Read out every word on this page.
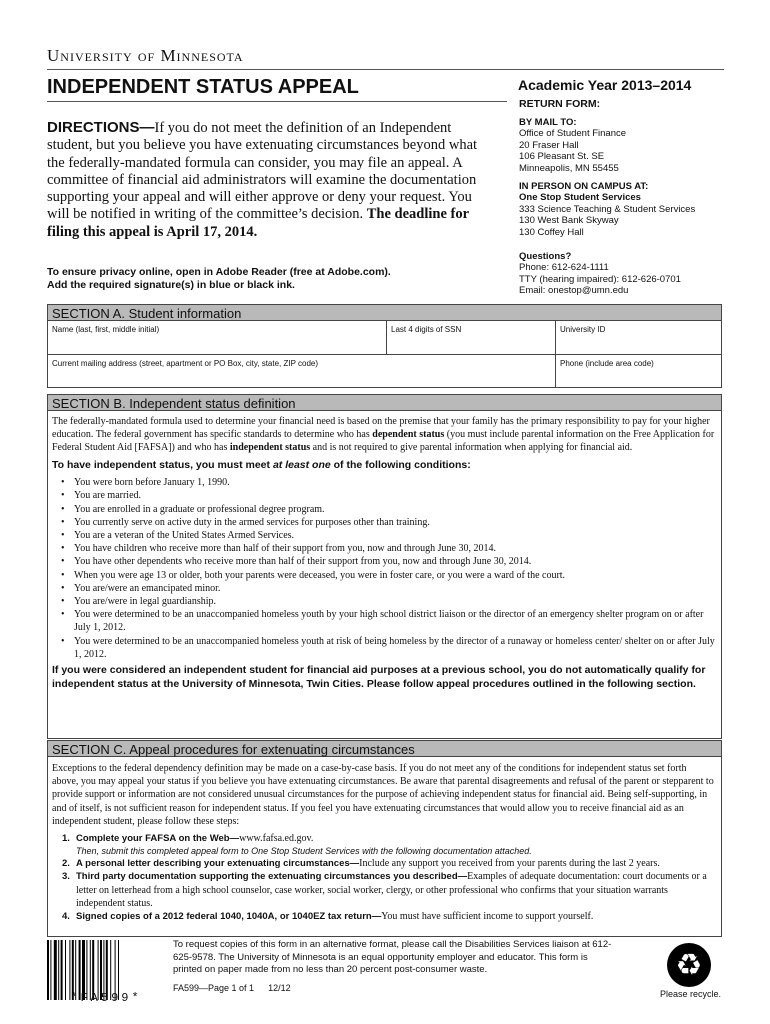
University of Minnesota
INDEPENDENT STATUS APPEAL	Academic Year 2013–2014
DIRECTIONS—If you do not meet the definition of an Independent student, but you believe you have extenuating circumstances beyond what the federally-mandated formula can consider, you may file an appeal. A committee of financial aid administrators will examine the documentation supporting your appeal and will either approve or deny your request. You will be notified in writing of the committee’s decision. The deadline for filing this appeal is April 17, 2014.
To ensure privacy online, open in Adobe Reader (free at Adobe.com).
Add the required signature(s) in blue or black ink.
RETURN FORM:
BY MAIL TO:
Office of Student Finance
20 Fraser Hall
106 Pleasant St. SE
Minneapolis, MN 55455
IN PERSON ON CAMPUS AT:
One Stop Student Services
333 Science Teaching & Student Services
130 West Bank Skyway
130 Coffey Hall
Questions?
Phone: 612-624-1111
TTY (hearing impaired): 612-626-0701
Email: onestop@umn.edu
SECTION A. Student information
Name (last, first, middle initial)	Last 4 digits of SSN	University ID
Current mailing address (street, apartment or PO Box, city, state, ZIP code)	Phone (include area code)
SECTION B. Independent status definition
The federally-mandated formula used to determine your financial need is based on the premise that your family has the primary responsibility to pay for your higher education. The federal government has specific standards to determine who has dependent status (you must include parental information on the Free Application for Federal Student Aid [FAFSA]) and who has independent status and is not required to give parental information when applying for financial aid.
To have independent status, you must meet at least one of the following conditions:
• You were born before January 1, 1990.
• You are married.
• You are enrolled in a graduate or professional degree program.
• You currently serve on active duty in the armed services for purposes other than training.
• You are a veteran of the United States Armed Services.
• You have children who receive more than half of their support from you, now and through June 30, 2014.
• You have other dependents who receive more than half of their support from you, now and through June 30, 2014.
• When you were age 13 or older, both your parents were deceased, you were in foster care, or you were a ward of the court.
• You are/were an emancipated minor.
• You are/were in legal guardianship.
• You were determined to be an unaccompanied homeless youth by your high school district liaison or the director of an emergency shelter program on or after July 1, 2012.
• You were determined to be an unaccompanied homeless youth at risk of being homeless by the director of a runaway or homeless center/ shelter on or after July 1, 2012.
If you were considered an independent student for financial aid purposes at a previous school, you do not automatically qualify for independent status at the University of Minnesota, Twin Cities. Please follow appeal procedures outlined in the following section.
SECTION C. Appeal procedures for extenuating circumstances
Exceptions to the federal dependency definition may be made on a case-by-case basis. If you do not meet any of the conditions for independent status set forth above, you may appeal your status if you believe you have extenuating circumstances. Be aware that parental disagreements and refusal of the parent or stepparent to provide support or information are not considered unusual circumstances for the purpose of achieving independent status for financial aid. Being self-supporting, in and of itself, is not sufficient reason for independent status. If you feel you have extenuating circumstances that would allow you to receive financial aid as an independent student, please follow these steps:
1. Complete your FAFSA on the Web—www.fafsa.ed.gov.
Then, submit this completed appeal form to One Stop Student Services with the following documentation attached.
2. A personal letter describing your extenuating circumstances—Include any support you received from your parents during the last 2 years.
3. Third party documentation supporting the extenuating circumstances you described—Examples of adequate documentation: court documents or a letter on letterhead from a high school counselor, case worker, social worker, clergy, or other professional who confirms that your situation warrants independent status.
4. Signed copies of a 2012 federal 1040, 1040A, or 1040EZ tax return—You must have sufficient income to support yourself.
*FA599*
To request copies of this form in an alternative format, please call the Disabilities Services liaison at 612-625-9578. The University of Minnesota is an equal opportunity employer and educator. This form is printed on paper made from no less than 20 percent post-consumer waste.
FA599—Page 1 of 1 12/12
♻
Please recycle.
